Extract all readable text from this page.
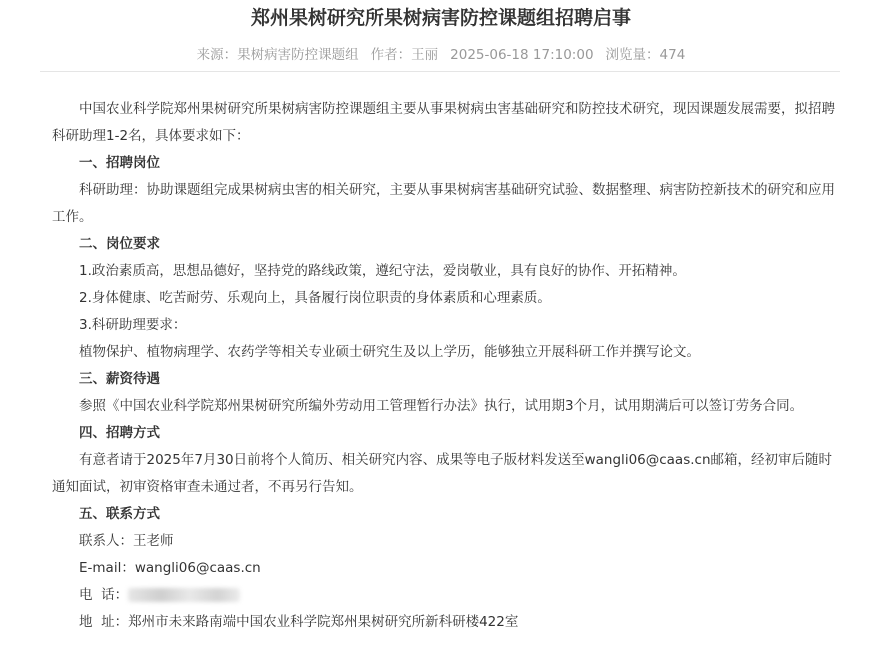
郑州果树研究所果树病害防控课题组招聘启事
来源：果树病害防控课题组 作者：王丽 2025-06-18 17:10:00 浏览量：474

中国农业科学院郑州果树研究所果树病害防控课题组主要从事果树病虫害基础研究和防控技术研究，现因课题发展需要，拟招聘科研助理1-2名，具体要求如下：

一、招聘岗位

科研助理：协助课题组完成果树病虫害的相关研究，主要从事果树病害基础研究试验、数据整理、病害防控新技术的研究和应用工作。

二、岗位要求

1.政治素质高，思想品德好，坚持党的路线政策，遵纪守法，爱岗敬业，具有良好的协作、开拓精神。

2.身体健康、吃苦耐劳、乐观向上，具备履行岗位职责的身体素质和心理素质。

3.科研助理要求：

植物保护、植物病理学、农药学等相关专业硕士研究生及以上学历，能够独立开展科研工作并撰写论文。

三、薪资待遇

参照《中国农业科学院郑州果树研究所编外劳动用工管理暂行办法》执行，试用期3个月，试用期满后可以签订劳务合同。

四、招聘方式

有意者请于2025年7月30日前将个人简历、相关研究内容、成果等电子版材料发送至wangli06@caas.cn邮箱，经初审后随时通知面试，初审资格审查未通过者，不再另行告知。

五、联系方式

联系人：王老师

E-mail：wangli06@caas.cn

电  话：

地  址：郑州市未来路南端中国农业科学院郑州果树研究所新科研楼422室
